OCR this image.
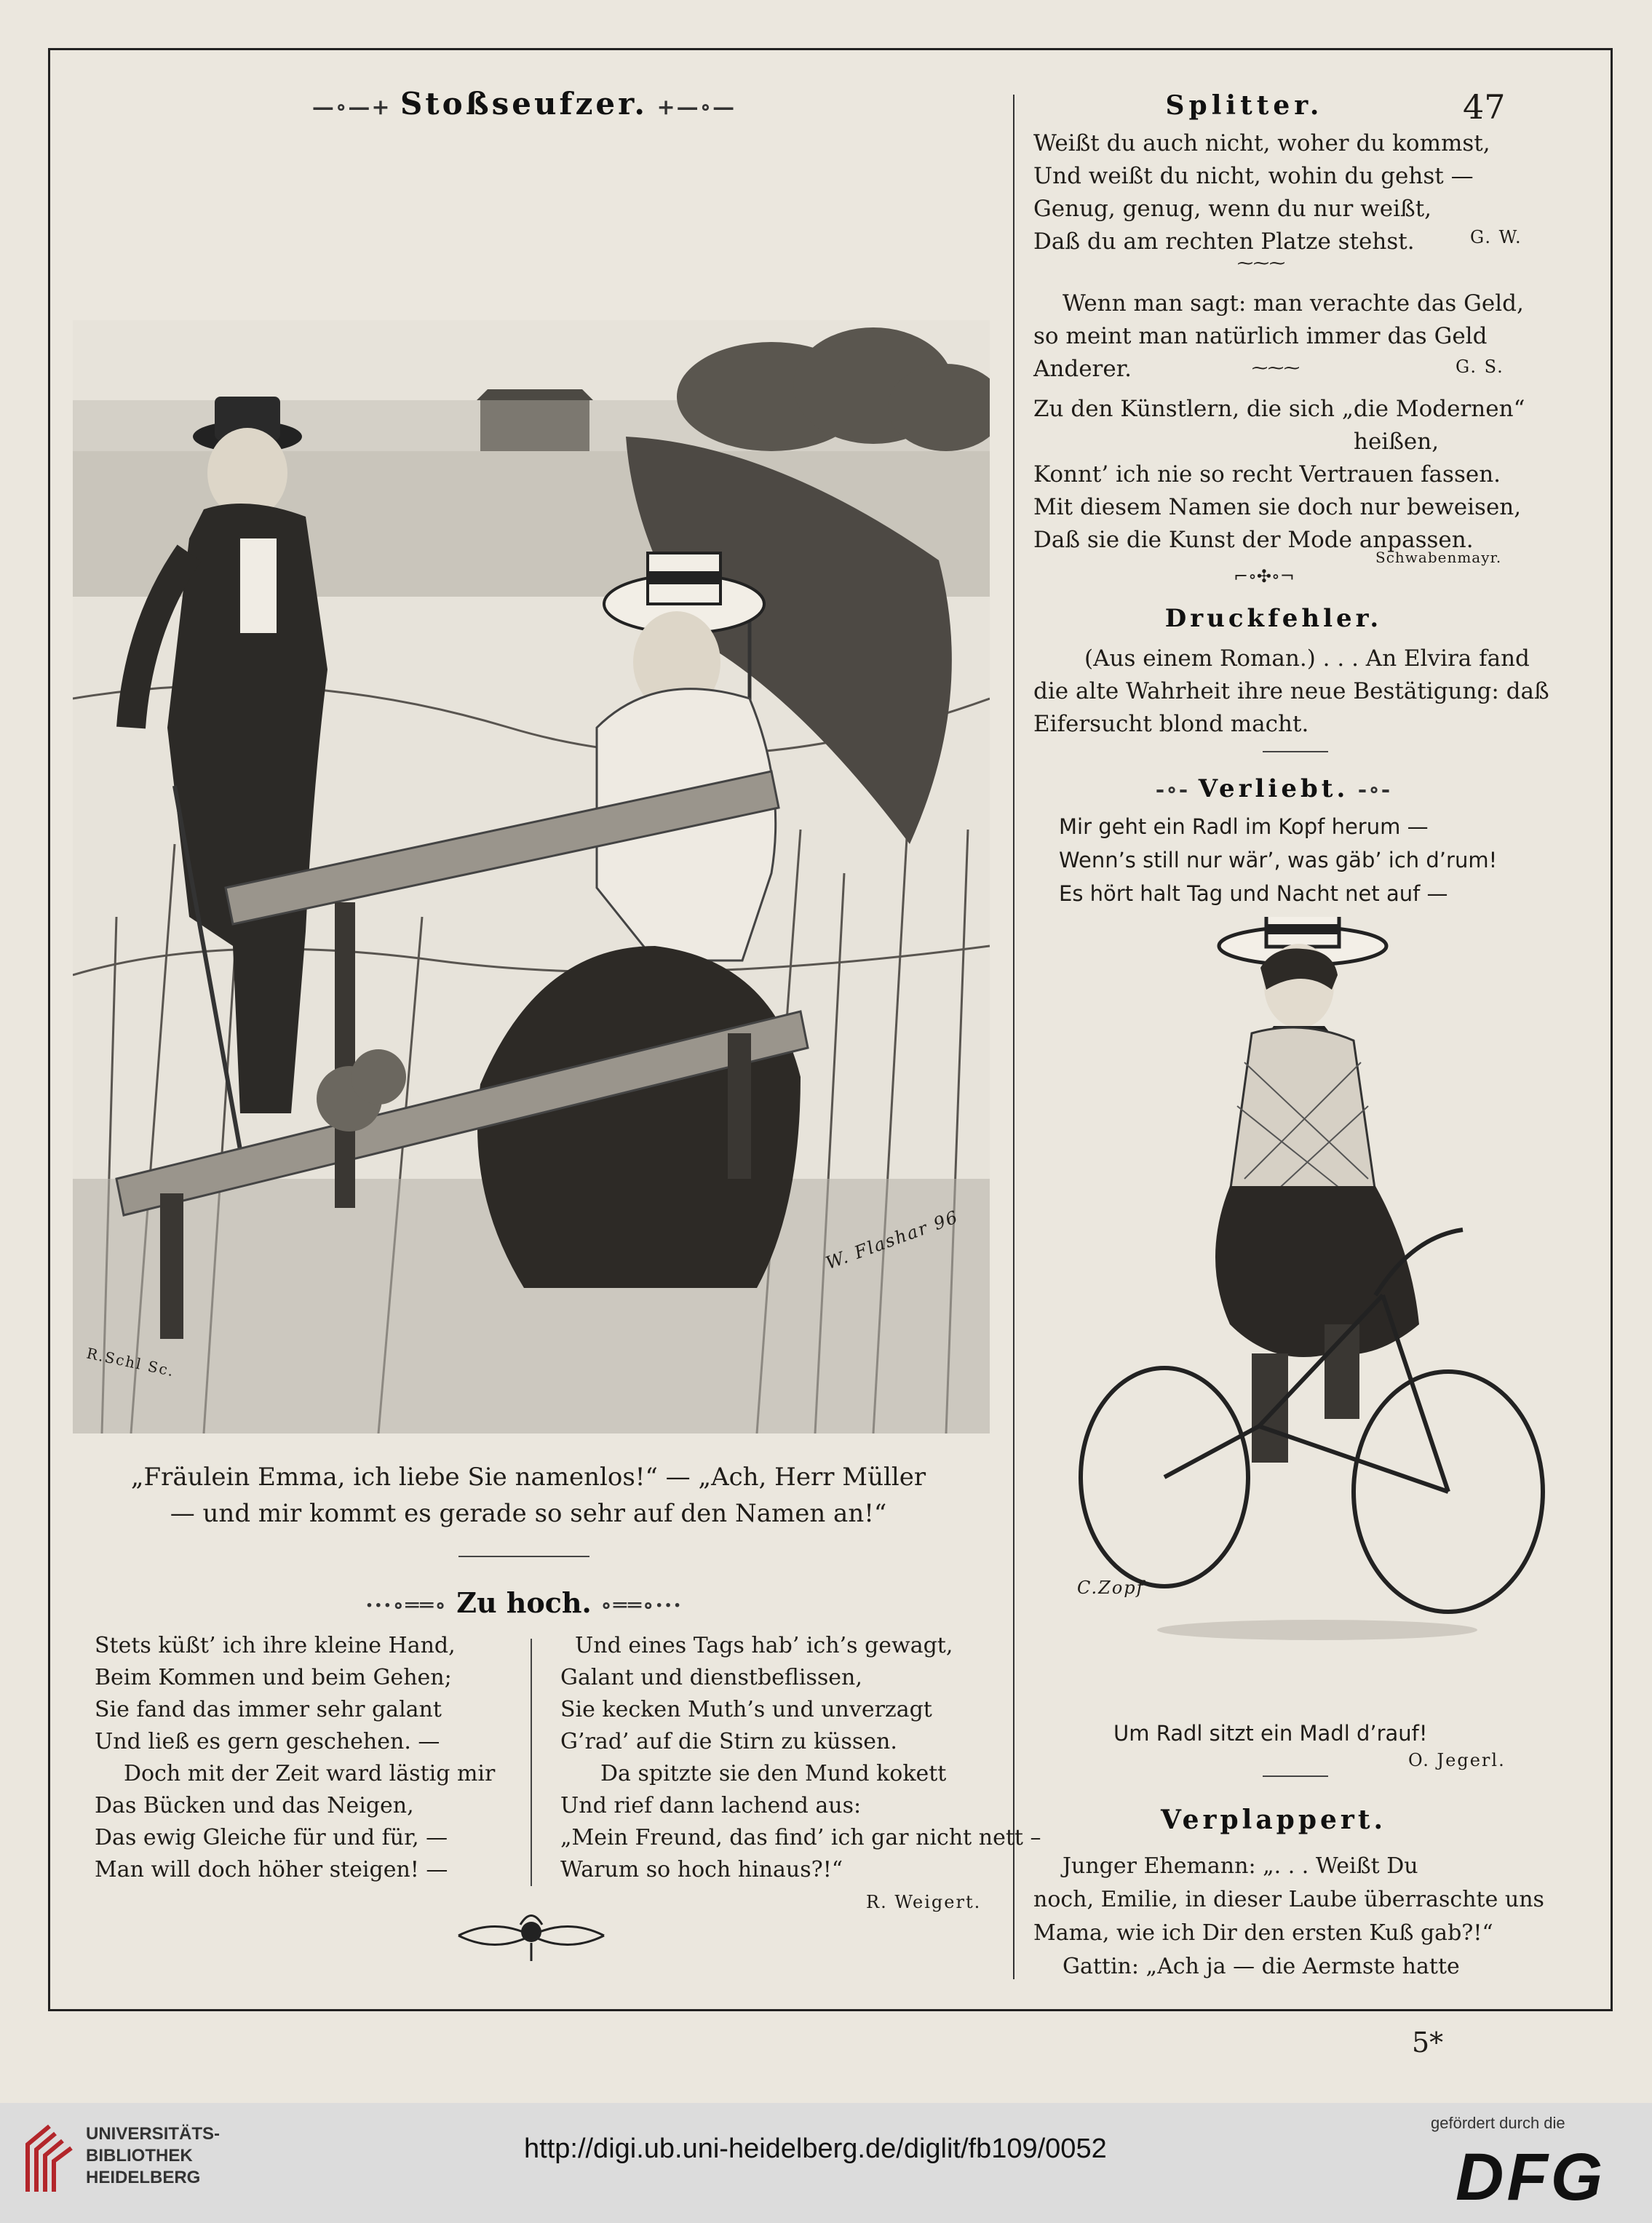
—∘—+ Stoßseufzer. +—∘—
W. Flashar 96
R.Schl Sc.

„Fräulein Emma, ich liebe Sie namenlos!“ — „Ach, Herr Müller

— und mir kommt es gerade so sehr auf den Namen an!“

···∘══∘ Zu hoch. ∘══∘···

Stets küßt’ ich ihre kleine Hand,

Beim Kommen und beim Gehen;

Sie fand das immer sehr galant

Und ließ es gern geschehen. —

Doch mit der Zeit ward lästig mir

Das Bücken und das Neigen,

Das ewig Gleiche für und für, —

Man will doch höher steigen! —

Und eines Tags hab’ ich’s gewagt,

Galant und dienstbeflissen,

Sie kecken Muth’s und unverzagt

G’rad’ auf die Stirn zu küssen.

Da spitzte sie den Mund kokett

Und rief dann lachend aus:

„Mein Freund, das find’ ich gar nicht nett –

Warum so hoch hinaus?!“

R. Weigert.
Splitter.	47

Weißt du auch nicht, woher du kommst,

Und weißt du nicht, wohin du gehst —

Genug, genug, wenn du nur weißt,

Daß du am rechten Platze stehst.	G. W.
⁓⁓⁓

Wenn man sagt: man verachte das Geld,

so meint man natürlich immer das Geld

Anderer.	⁓⁓⁓	G. S.

Zu den Künstlern, die sich „die Modernen“

heißen,

Konnt’ ich nie so recht Vertrauen fassen.

Mit diesem Namen sie doch nur beweisen,

Daß sie die Kunst der Mode anpassen.

Schwabenmayr.
⌐∘✣∘¬
Druckfehler.

(Aus einem Roman.) . . . An Elvira fand

die alte Wahrheit ihre neue Bestätigung: daß

Eifersucht blond macht.

-∘- Verliebt. -∘-

Mir geht ein Radl im Kopf herum —

Wenn’s still nur wär’, was gäb’ ich d’rum!

Es hört halt Tag und Nacht net auf —

C.Zopf
Um Radl sitzt ein Madl d’rauf!
O. Jegerl.
Verplappert.

Junger Ehemann: „. . . Weißt Du

noch, Emilie, in dieser Laube überraschte uns

Mama, wie ich Dir den ersten Kuß gab?!“

Gattin: „Ach ja — die Aermste hatte

5*
UNIVERSITÄTS-
BIBLIOTHEK
HEIDELBERG
http://digi.ub.uni-heidelberg.de/diglit/fb109/0052
gefördert durch die
DFG
